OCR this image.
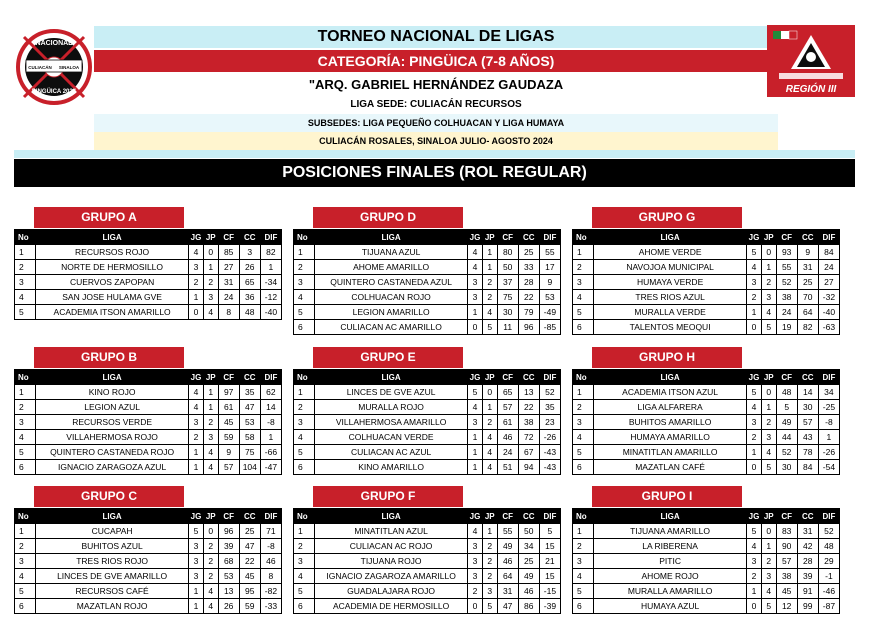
NACIONAL
CULIACÁN SINALOA
PINGÜICA 2024
TORNEO NACIONAL DE LIGAS
CATEGORÍA: PINGÜICA (7-8 AÑOS)
"ARQ. GABRIEL HERNÁNDEZ GAUDAZA
LIGA SEDE: CULIACÁN RECURSOS
SUBSEDES: LIGA PEQUEÑO COLHUACAN Y LIGA HUMAYA
CULIACÁN ROSALES, SINALOA JULIO- AGOSTO 2024
REGIÓN III
POSICIONES FINALES (ROL REGULAR)
GRUPO A
No	LIGA	JG	JP	CF	CC	DIF
1	RECURSOS ROJO	4	0	85	3	82
2	NORTE DE HERMOSILLO	3	1	27	26	1
3	CUERVOS ZAPOPAN	2	2	31	65	-34
4	SAN JOSE HULAMA GVE	1	3	24	36	-12
5	ACADEMIA ITSON AMARILLO	0	4	8	48	-40
GRUPO D
No	LIGA	JG	JP	CF	CC	DIF
1	TIJUANA AZUL	4	1	80	25	55
2	AHOME AMARILLO	4	1	50	33	17
3	QUINTERO CASTANEDA AZUL	3	2	37	28	9
4	COLHUACAN ROJO	3	2	75	22	53
5	LEGION AMARILLO	1	4	30	79	-49
6	CULIACAN AC AMARILLO	0	5	11	96	-85
GRUPO G
No	LIGA	JG	JP	CF	CC	DIF
1	AHOME VERDE	5	0	93	9	84
2	NAVOJOA MUNICIPAL	4	1	55	31	24
3	HUMAYA VERDE	3	2	52	25	27
4	TRES RIOS AZUL	2	3	38	70	-32
5	MURALLA VERDE	1	4	24	64	-40
6	TALENTOS MEOQUI	0	5	19	82	-63
GRUPO B
No	LIGA	JG	JP	CF	CC	DIF
1	KINO ROJO	4	1	97	35	62
2	LEGION AZUL	4	1	61	47	14
3	RECURSOS VERDE	3	2	45	53	-8
4	VILLAHERMOSA ROJO	2	3	59	58	1
5	QUINTERO CASTANEDA ROJO	1	4	9	75	-66
6	IGNACIO ZARAGOZA AZUL	1	4	57	104	-47
GRUPO E
No	LIGA	JG	JP	CF	CC	DIF
1	LINCES DE GVE AZUL	5	0	65	13	52
2	MURALLA ROJO	4	1	57	22	35
3	VILLAHERMOSA AMARILLO	3	2	61	38	23
4	COLHUACAN VERDE	1	4	46	72	-26
5	CULIACAN AC AZUL	1	4	24	67	-43
6	KINO AMARILLO	1	4	51	94	-43
GRUPO H
No	LIGA	JG	JP	CF	CC	DIF
1	ACADEMIA ITSON AZUL	5	0	48	14	34
2	LIGA ALFARERA	4	1	5	30	-25
3	BUHITOS AMARILLO	3	2	49	57	-8
4	HUMAYA AMARILLO	2	3	44	43	1
5	MINATITLAN AMARILLO	1	4	52	78	-26
6	MAZATLAN CAFÉ	0	5	30	84	-54
GRUPO C
No	LIGA	JG	JP	CF	CC	DIF
1	CUCAPAH	5	0	96	25	71
2	BUHITOS AZUL	3	2	39	47	-8
3	TRES RIOS ROJO	3	2	68	22	46
4	LINCES DE GVE AMARILLO	3	2	53	45	8
5	RECURSOS CAFÉ	1	4	13	95	-82
6	MAZATLAN ROJO	1	4	26	59	-33
GRUPO F
No	LIGA	JG	JP	CF	CC	DIF
1	MINATITLAN AZUL	4	1	55	50	5
2	CULIACAN AC ROJO	3	2	49	34	15
3	TIJUANA ROJO	3	2	46	25	21
4	IGNACIO ZAGAROZA AMARILLO	3	2	64	49	15
5	GUADALAJARA ROJO	2	3	31	46	-15
6	ACADEMIA DE HERMOSILLO	0	5	47	86	-39
GRUPO I
No	LIGA	JG	JP	CF	CC	DIF
1	TIJUANA AMARILLO	5	0	83	31	52
2	LA RIBERENA	4	1	90	42	48
3	PITIC	3	2	57	28	29
4	AHOME ROJO	2	3	38	39	-1
5	MURALLA AMARILLO	1	4	45	91	-46
6	HUMAYA AZUL	0	5	12	99	-87
